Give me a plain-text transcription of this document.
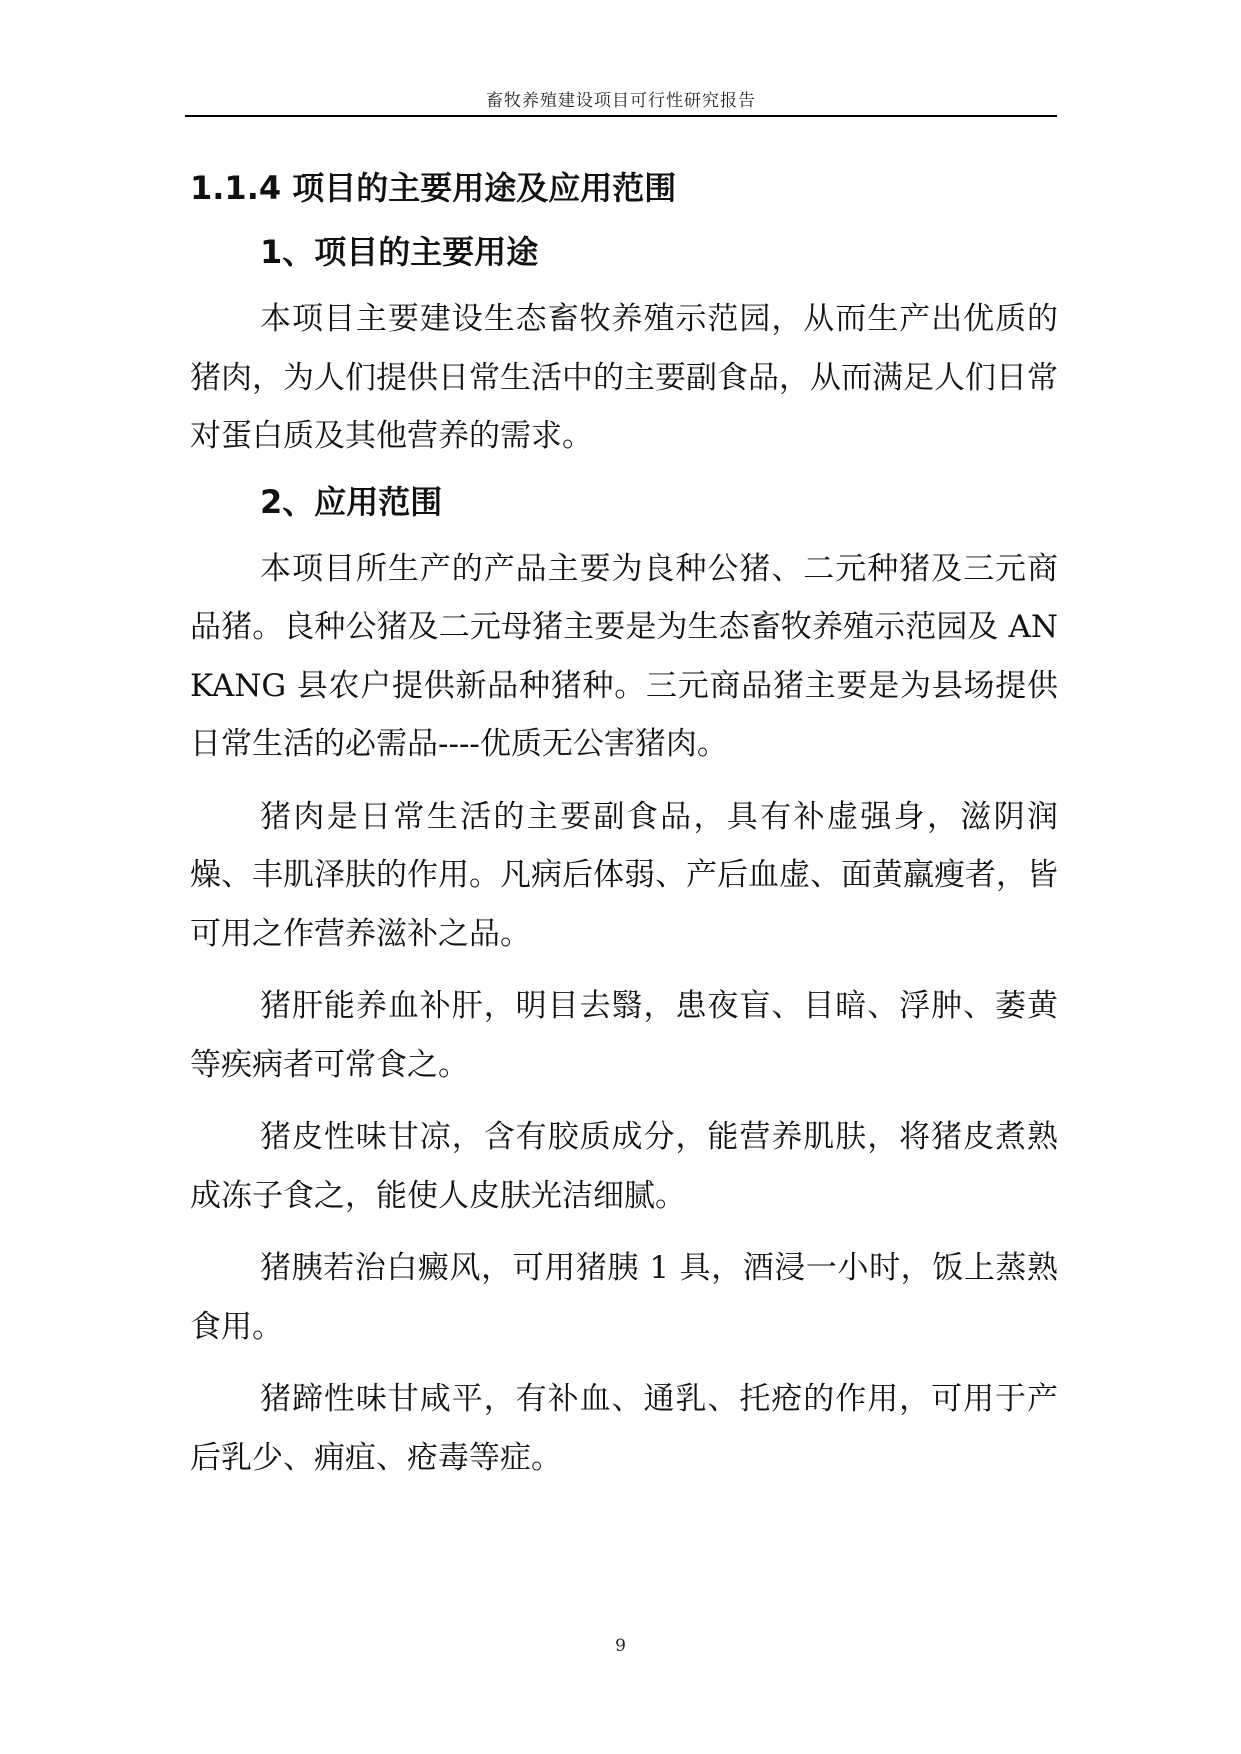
畜牧养殖建设项目可行性研究报告
1.1.4 项目的主要用途及应用范围
1、项目的主要用途

本项目主要建设生态畜牧养殖示范园，从而生产出优质的猪肉，为人们提供日常生活中的主要副食品，从而满足人们日常对蛋白质及其他营养的需求。

2、应用范围

本项目所生产的产品主要为良种公猪、二元种猪及三元商品猪。良种公猪及二元母猪主要是为生态畜牧养殖示范园及 ANKANG 县农户提供新品种猪种。三元商品猪主要是为县场提供日常生活的必需品----优质无公害猪肉。

猪肉是日常生活的主要副食品，具有补虚强身，滋阴润燥、丰肌泽肤的作用。凡病后体弱、产后血虚、面黄羸瘦者，皆可用之作营养滋补之品。

猪肝能养血补肝，明目去翳，患夜盲、目暗、浮肿、萎黄等疾病者可常食之。

猪皮性味甘凉，含有胶质成分，能营养肌肤，将猪皮煮熟成冻子食之，能使人皮肤光洁细腻。

猪胰若治白癜风，可用猪胰 1 具，酒浸一小时，饭上蒸熟食用。

猪蹄性味甘咸平，有补血、通乳、托疮的作用，可用于产后乳少、痈疽、疮毒等症。

9
